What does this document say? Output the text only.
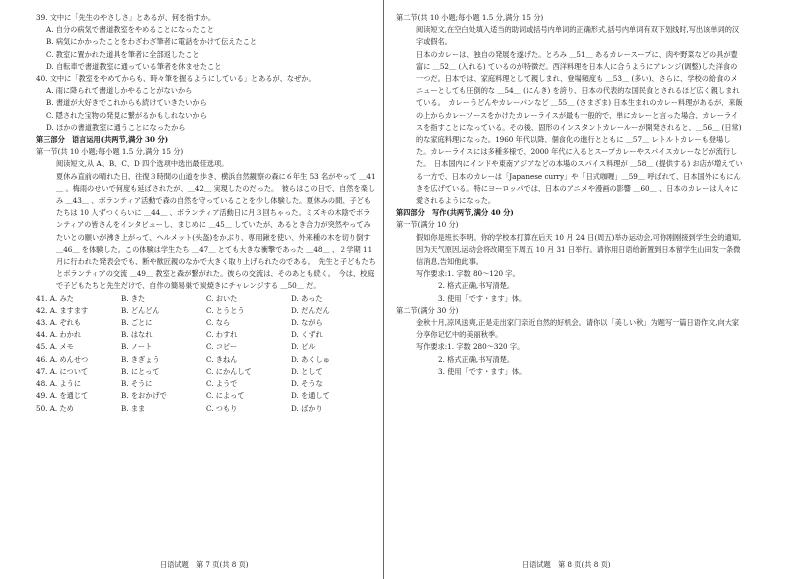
39. 文中に「先生のやさしさ」とあるが、何を指すか。
A. 自分の病気で書道教室をやめることになったこと
B. 病気にかかったことをわざわざ筆者に電話をかけて伝えたこと
C. 教室に置かれた道具を筆者に全部返したこと
D. 自転車で書道教室に通っている筆者を休ませたこと
40. 文中に「教室をやめてからも、時々筆を握るようにしている」とあるが、なぜか。
A. 雨に降られて書道しかやることがないから
B. 書道が大好きでこれからも続けていきたいから
C. 隠された宝物の発見に繋がるかもしれないから
D. ほかの書道教室に通うことになったから
第三部分　语言运用(共两节,满分 30 分)
第一节(共 10 小题;每小题 1.5 分,满分 15 分)
阅读短文,从 A、B、C、D 四个选项中选出最佳选项。
夏休み直前の晴れた日、往復３時間の山道を歩き、横浜自然観察の森に６年生 53 名がやって ＿41＿ 。梅雨のせいで何度も延ばされたが、＿42＿ 実現したのだった。　彼らはこの日で、自然を楽しみ ＿43＿ 、ボランティア活動で森の自然を守っていることを少し体験した。夏休みの間、子どもたちは 10 人ずつくらいに ＿44＿ 、ボランティア活動日に月３回ちゃった。ミズキの木陰でボランティアの皆さんをインタビューし、まじめに ＿45＿ していたが、あるとき合力が突然やってみたいとの願いが沸き上がって、ヘルメット(头盔)をかぶり、専用鍬を使い、外来種の木を切り倒す ＿46＿ を体験した。この体験は学生たち ＿47＿ とても大きな衝撃であった ＿48＿ 、２学期 11 月に行われた発表会でも、断や歓匠親のなかで大きく取り上げられたのである。　先生と子どもたちとボランティアの交流 ＿49＿ 教室と森が繋がれた。彼らの交流は、そのあとも続く。　今は、校庭で子どもたちと先生だけで、自作の簡易巣で炭焼きにチャレンジする ＿50＿ だ。
41. A. みた	B. きた	C. おいた	D. あった
42. A. ますます	B. どんどん	C. とうとう	D. だんだん
43. A. ぞれも	B. ごとに	C. なら	D. ながら
44. A. わかれ	B. はなれ	C. わすれ	D. くずれ
45. A. メモ	B. ノート	C. コピー	D. ビル
46. A. めんせつ	B. きぎょう	C. きねん	D. あくしゅ
47. A. について	B. にとって	C. にかんして	D. として
48. A. ように	B. そうに	C. ようで	D. そうな
49. A. を通じて	B. をおかげで	C. によって	D. を通して
50. A. ため	B. まま	C. つもり	D. ばかり
第二节(共 10 小题;每小题 1.5 分,满分 15 分)
阅读短文,在空白处填入适当的助词或括号内单词的正确形式,括号内单词有双下划线时,写出该单词的汉字或假名。
日本のカレーは、独自の発展を遂げた。とろみ ＿51＿ あるカレースープに、肉や野菜などの具が豊富に ＿52＿ (入れる) ているのが特徴だ。西洋料理を日本人に合うようにアレンジ(调整)した洋食の一つだ。日本では、家庭料理として親しまれ、登場頻度も ＿53＿ (多い)、さらに、学校の給食のメニューとしても圧倒的な ＿54＿ (にんき) を誇り、日本の代表的な国民食とされるほど広く親しまれている。　カレーうどんやカレーパンなど ＿55＿ (さまざま) 日本生まれのカレー料理があるが、来飯の上からカレーソースをかけたカレーライスが最も一般的で、単にカレーと言った場合、カレーライスを指すことになっている。その後、固形のインスタントカレールーが開発されると、＿56＿ (日常)的な家庭料理になった。1960 年代以降、個食化の進行とともに ＿57＿ レトルトカレーも登場した。カレーライスには多種多様で、2000 年代に入るとスープカレーやスパイスカレーなどが流行した。　日本国内にインドや東南アジアなどの本場のスパイス料理が ＿58＿ (提供する) お店が増えている一方で、日本のカレーは「Japanese curry」や「日式咖喱」＿59＿ 呼ばれて、日本国外にもにんきを広げている。特にヨーロッパでは、日本のアニメや漫画の影響 ＿60＿ 、日本のカレーは人々に愛されるようになった。
第四部分　写作(共两节,满分 40 分)
第一节(满分 10 分)
假如你是班长李明。你的学校本打算在后天 10 月 24 日(周五)举办运动会,可你刚刚接到学生会的通知,因为天气原因,运动会将改期至下周五 10 月 31 日举行。请你用日语给新置到日本留学生山田发一条微信消息,告知他此事。
写作要求:1. 字数 80～120 字。
2. 格式正确,书写清楚。
3. 使用「です・ます」体。
第二节(满分 30 分)
金秋十月,凉风送爽,正是走出家门亲近自然的好机会。请你以「美しい秋」为题写一篇日语作文,向大家分享你记忆中的美丽秋季。
写作要求:1. 字数 280～320 字。
2. 格式正确,书写清楚。
3. 使用「です・ます」体。
日语试题　第 7 页(共 8 页)	日语试题　第 8 页(共 8 页)
